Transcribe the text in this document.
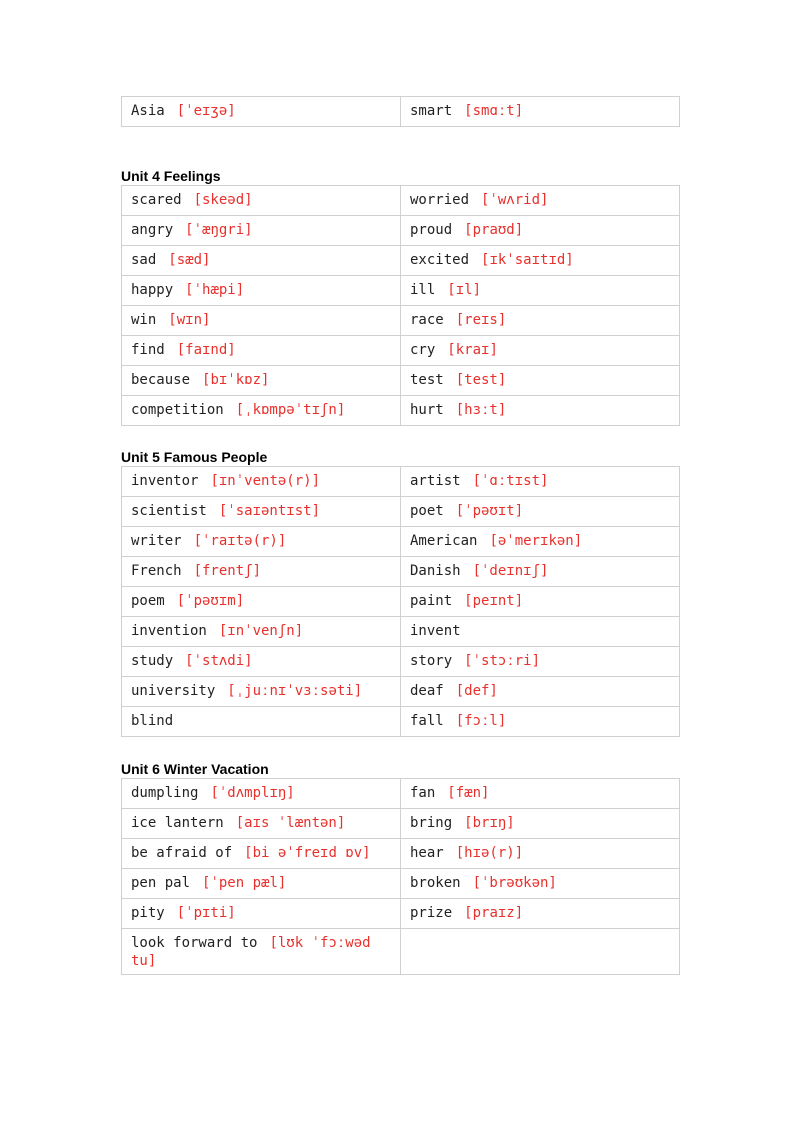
Asia [ˈeɪʒə]	smart [smɑːt]
Unit 4 Feelings
scared [skeəd]	worried [ˈwʌrid]
angry [ˈæŋgri]	proud [praʊd]
sad [sæd]	excited [ɪkˈsaɪtɪd]
happy [ˈhæpi]	ill [ɪl]
win [wɪn]	race [reɪs]
find [faɪnd]	cry [kraɪ]
because [bɪˈkɒz]	test [test]
competition [ˌkɒmpəˈtɪʃn]	hurt [hɜːt]
Unit 5 Famous People
inventor [ɪnˈventə(r)]	artist [ˈɑːtɪst]
scientist [ˈsaɪəntɪst]	poet [ˈpəʊɪt]
writer [ˈraɪtə(r)]	American [əˈmerɪkən]
French [frentʃ]	Danish [ˈdeɪnɪʃ]
poem [ˈpəʊɪm]	paint [peɪnt]
invention [ɪnˈvenʃn]	invent
study [ˈstʌdi]	story [ˈstɔːri]
university [ˌjuːnɪˈvɜːsəti]	deaf [def]
blind	fall [fɔːl]
Unit 6 Winter Vacation
dumpling [ˈdʌmplɪŋ]	fan [fæn]
ice lantern [aɪs ˈlæntən]	bring [brɪŋ]
be afraid of [bi əˈfreɪd ɒv]	hear [hɪə(r)]
pen pal [ˈpen pæl]	broken [ˈbrəʊkən]
pity [ˈpɪti]	prize [praɪz]
look forward to [lʊk ˈfɔːwəd tu]	
